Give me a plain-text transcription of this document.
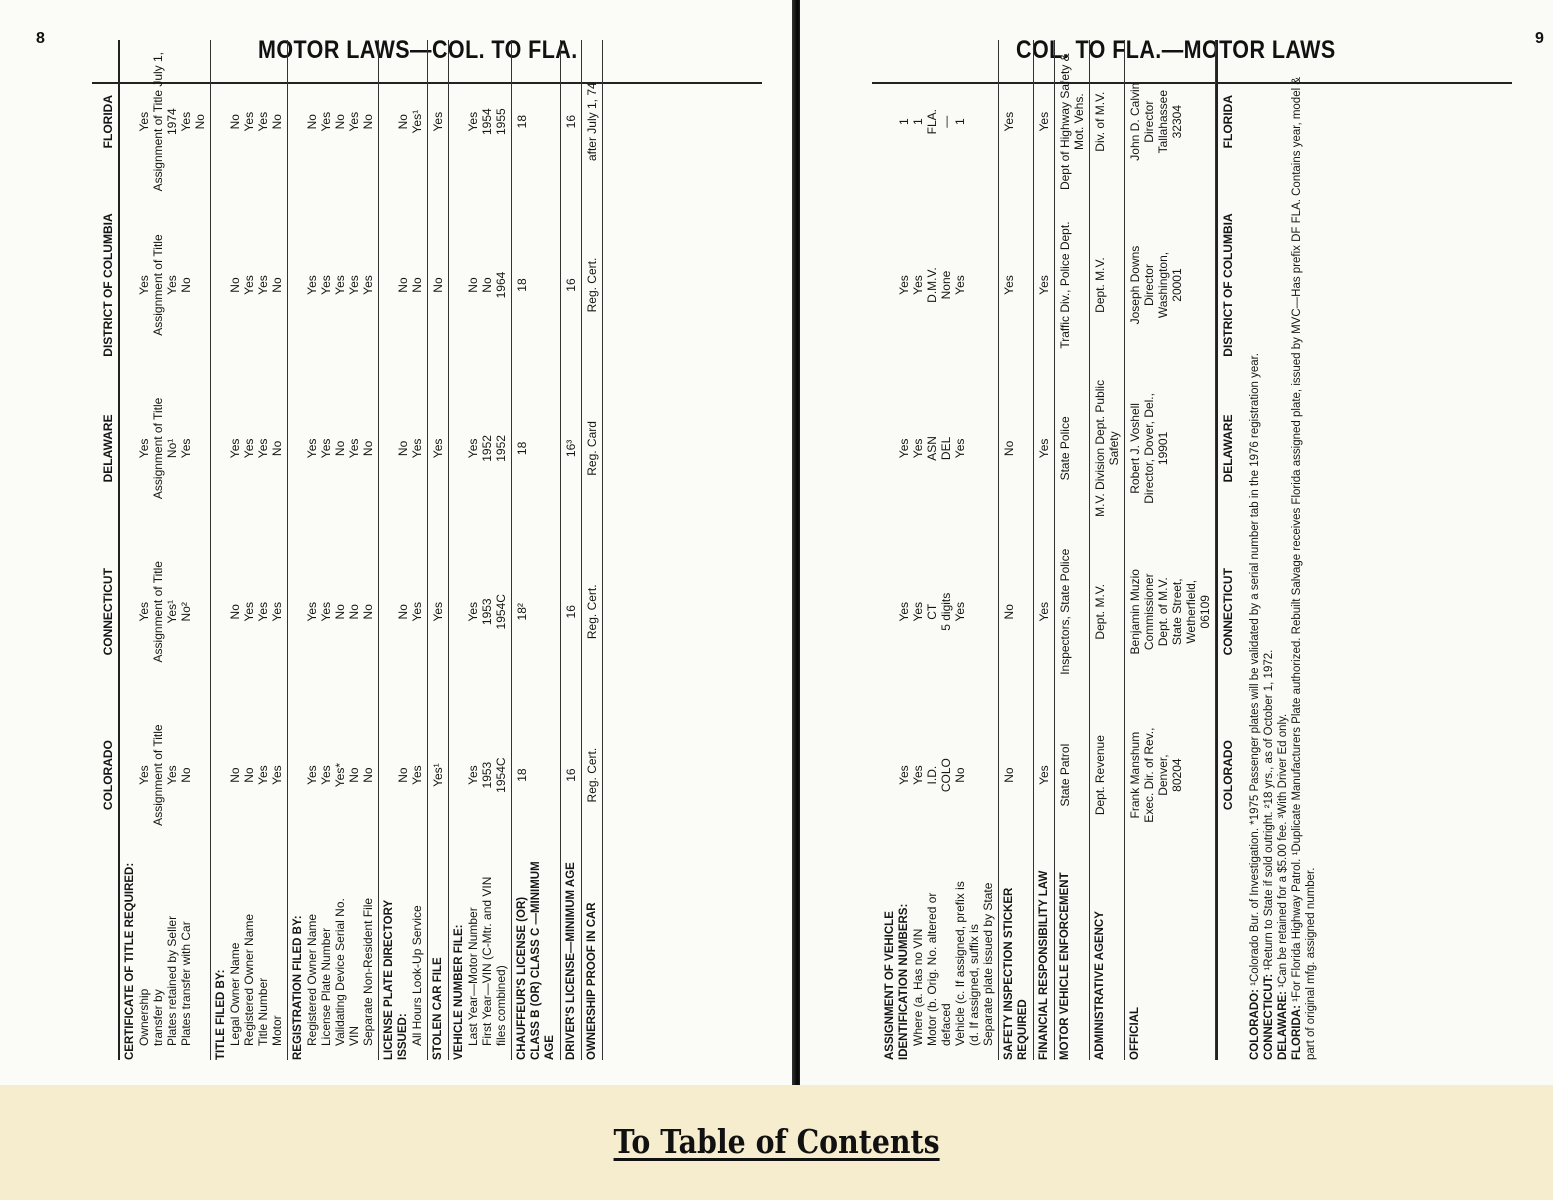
8	MOTOR LAWS—COL. TO FLA.
COLORADO
CONNECTICUT
DELAWARE
DISTRICT OF COLUMBIA
FLORIDA
CERTIFICATE OF TITLE REQUIRED: Ownership transfer by Plates retained by Seller Plates transfer with Car
Yes Assignment of Title Yes No
Yes Assignment of Title Yes¹ No²
Yes Assignment of Title No¹ Yes
Yes Assignment of Title Yes No
Yes Assignment of Title July 1, 1974 Yes No
TITLE FILED BY: Legal Owner Name Registered Owner Name Title Number Motor
No No Yes Yes
No Yes Yes Yes
Yes Yes Yes No
No Yes Yes No
No Yes Yes No
REGISTRATION FILED BY: Registered Owner Name License Plate Number Validating Device Serial No. VIN Separate Non-Resident File
Yes Yes Yes* No No
Yes Yes No No No
Yes Yes No Yes No
Yes Yes Yes Yes Yes
No Yes No Yes No
LICENSE PLATE DIRECTORY ISSUED: All Hours Look-Up Service
No Yes
No Yes
No Yes
No No
No Yes¹
STOLEN CAR FILE
Yes¹
Yes
Yes
No
Yes
VEHICLE NUMBER FILE: Last Year—Motor Number First Year—VIN (C-Mtr. and VIN files combined)
Yes 1953 1954C
Yes 1953 1954C
Yes 1952 1952
No No 1964
Yes 1954 1955
CHAUFFEUR'S LICENSE (OR) CLASS B (OR) CLASS C —MINIMUM AGE
18
18²
18
18
18
DRIVER'S LICENSE—MINIMUM AGE
16
16
16³
16
16
OWNERSHIP PROOF IN CAR
Reg. Cert.
Reg. Cert.
Reg. Card
Reg. Cert.
after July 1, 74
COL. TO FLA.—MOTOR LAWS	9
ASSIGNMENT OF VEHICLE IDENTIFICATION NUMBERS: Where (a. Has no VIN Motor (b. Orig. No. altered or defaced Vehicle (c. If assigned, prefix is (d. If assigned, suffix is Separate plate issued by State
Yes Yes I.D. COLO No
Yes Yes CT 5 digits Yes
Yes Yes ASN DEL Yes
Yes Yes D.M.V. None Yes
1 1 FLA. — 1
SAFETY INSPECTION STICKER REQUIRED
No
No
No
Yes
Yes
FINANCIAL RESPONSIBILITY LAW
Yes
Yes
Yes
Yes
Yes
MOTOR VEHICLE ENFORCEMENT
State Patrol
Inspectors, State Police
State Police
Traffic Div., Police Dept.
Dept of Highway Safety & Mot. Vehs.
ADMINISTRATIVE AGENCY
Dept. Revenue
Dept. M.V.
M.V. Division Dept. Public Safety
Dept. M.V.
Div. of M.V.
OFFICIAL
Frank Manshum Exec. Dir. of Rev., Denver, 80204
Benjamin Muzio Commissioner Dept. of M.V. State Street, Wetherfield, 06109
Robert J. Voshell Director, Dover, Del., 19901
Joseph Downs Director Washington, 20001
John D. Calvin Director Tallahassee 32304
COLORADO
CONNECTICUT
DELAWARE
DISTRICT OF COLUMBIA
FLORIDA
COLORADO: ¹Colorado Bur. of Investigation. *1975 Passenger plates will be validated by a serial number tab in the 1976 registration year.
CONNECTICUT: ¹Return to State if sold outright. ²18 yrs., as of October 1, 1972.
DELAWARE: ¹Can be retained for a $5.00 fee. ³With Driver Ed only.
FLORIDA: ¹For Florida Highway Patrol. ¹Duplicate Manufacturers Plate authorized. Rebuilt Salvage receives Florida assigned plate, issued by MVC—Has prefix DF FLA. Contains year, model & part of original mfg. assigned number.
To Table of Contents
